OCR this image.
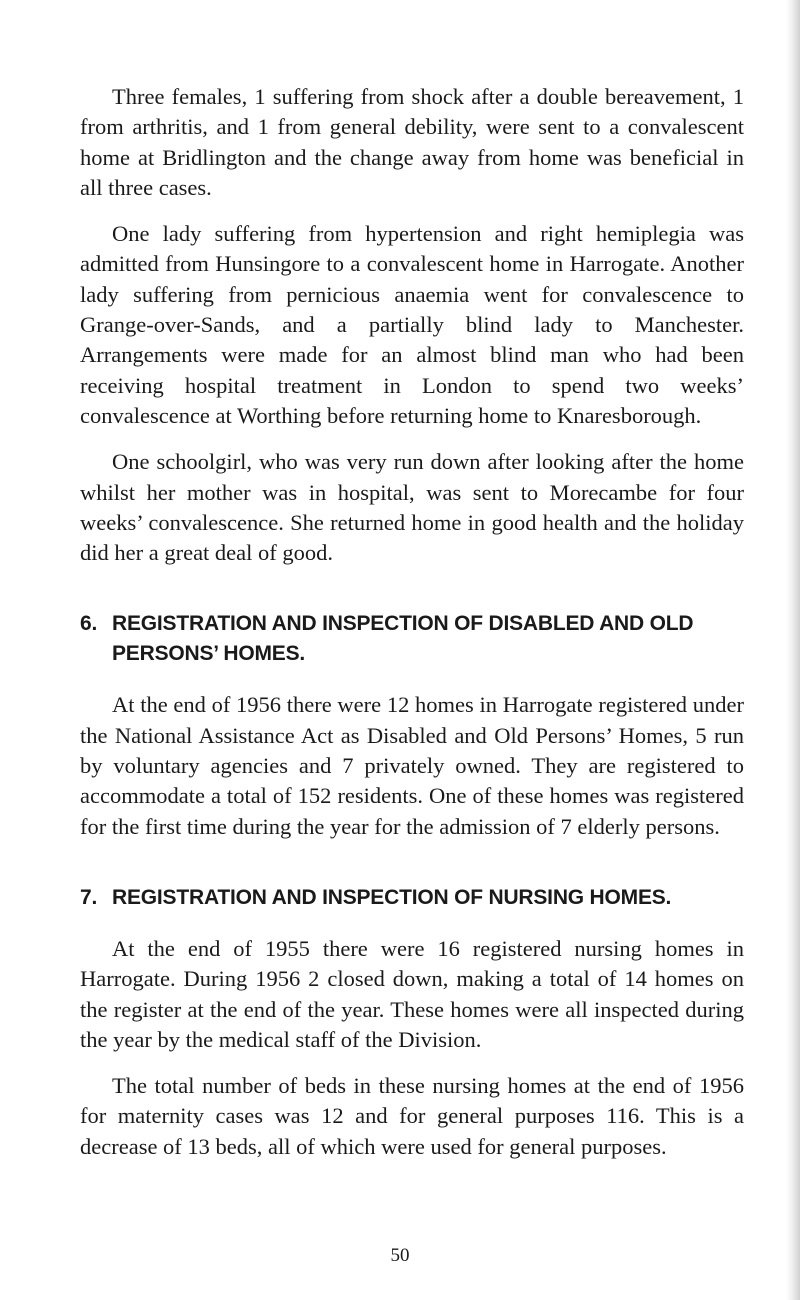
Three females, 1 suffering from shock after a double bereavement, 1 from arthritis, and 1 from general debility, were sent to a convalescent home at Bridlington and the change away from home was beneficial in all three cases.

One lady suffering from hypertension and right hemiplegia was admitted from Hunsingore to a convalescent home in Harrogate. Another lady suffering from pernicious anaemia went for convalescence to Grange-over-Sands, and a partially blind lady to Manchester. Arrangements were made for an almost blind man who had been receiving hospital treatment in London to spend two weeks’ convalescence at Worthing before returning home to Knaresborough.

One schoolgirl, who was very run down after looking after the home whilst her mother was in hospital, was sent to Morecambe for four weeks’ convalescence. She returned home in good health and the holiday did her a great deal of good.

6. REGISTRATION AND INSPECTION OF DISABLED AND OLD PERSONS’ HOMES.

At the end of 1956 there were 12 homes in Harrogate registered under the National Assistance Act as Disabled and Old Persons’ Homes, 5 run by voluntary agencies and 7 privately owned. They are registered to accommodate a total of 152 residents. One of these homes was registered for the first time during the year for the admission of 7 elderly persons.

7. REGISTRATION AND INSPECTION OF NURSING HOMES.

At the end of 1955 there were 16 registered nursing homes in Harrogate. During 1956 2 closed down, making a total of 14 homes on the register at the end of the year. These homes were all inspected during the year by the medical staff of the Division.

The total number of beds in these nursing homes at the end of 1956 for maternity cases was 12 and for general purposes 116. This is a decrease of 13 beds, all of which were used for general purposes.

50
